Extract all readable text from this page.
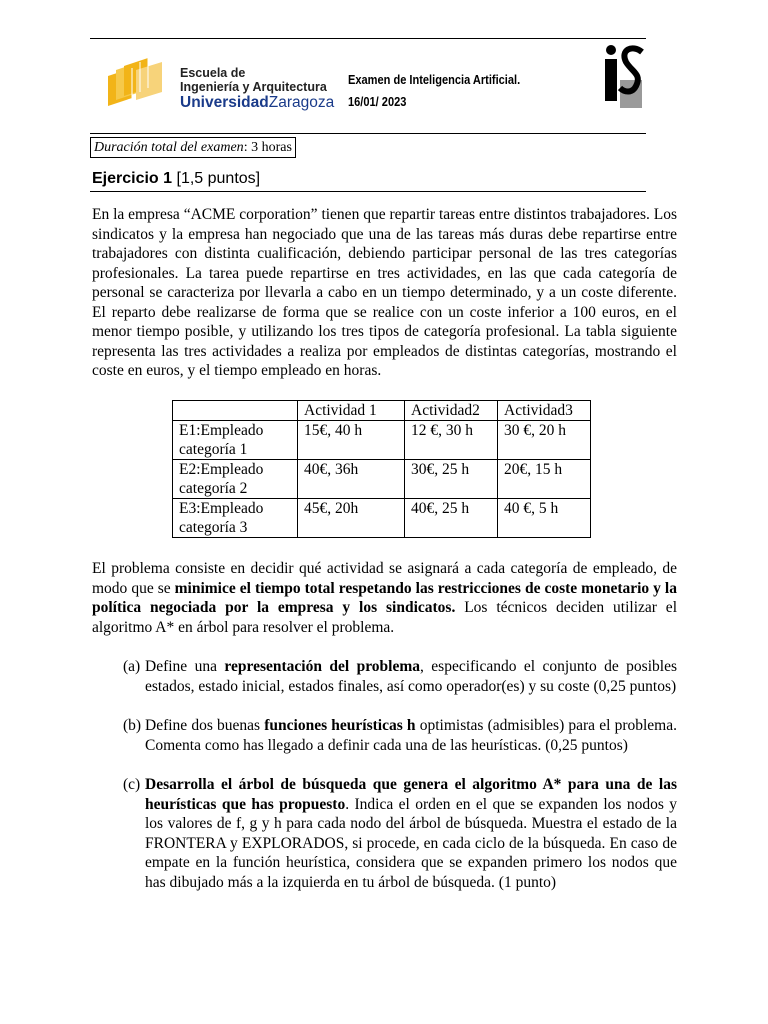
Escuela de
Ingeniería y Arquitectura
UniversidadZaragoza
Examen de Inteligencia Artificial.
16/01/ 2023
Duración total del examen: 3 horas
Ejercicio 1 [1,5 puntos]
En la empresa “ACME corporation” tienen que repartir tareas entre distintos trabajadores. Los sindicatos y la empresa han negociado que una de las tareas más duras debe repartirse entre trabajadores con distinta cualificación, debiendo participar personal de las tres categorías profesionales. La tarea puede repartirse en tres actividades, en las que cada categoría de personal se caracteriza por llevarla a cabo en un tiempo determinado, y a un coste diferente. El reparto debe realizarse de forma que se realice con un coste inferior a 100 euros, en el menor tiempo posible, y utilizando los tres tipos de categoría profesional. La tabla siguiente representa las tres actividades a realiza por empleados de distintas categorías, mostrando el coste en euros, y el tiempo empleado en horas.
	Actividad 1	Actividad2	Actividad3
E1:Empleado categoría 1	15€, 40 h	12 €, 30 h	30 €, 20 h
E2:Empleado categoría 2	40€, 36h	30€, 25 h	20€, 15 h
E3:Empleado categoría 3	45€, 20h	40€, 25 h	40 €, 5 h
El problema consiste en decidir qué actividad se asignará a cada categoría de empleado, de modo que se minimice el tiempo total respetando las restricciones de coste monetario y la política negociada por la empresa y los sindicatos. Los técnicos deciden utilizar el algoritmo A* en árbol para resolver el problema.
(a) Define una representación del problema, especificando el conjunto de posibles estados, estado inicial, estados finales, así como operador(es) y su coste (0,25 puntos)
(b) Define dos buenas funciones heurísticas h optimistas (admisibles) para el problema. Comenta como has llegado a definir cada una de las heurísticas. (0,25 puntos)
(c) Desarrolla el árbol de búsqueda que genera el algoritmo A* para una de las heurísticas que has propuesto. Indica el orden en el que se expanden los nodos y los valores de f, g y h para cada nodo del árbol de búsqueda. Muestra el estado de la FRONTERA y EXPLORADOS, si procede, en cada ciclo de la búsqueda. En caso de empate en la función heurística, considera que se expanden primero los nodos que has dibujado más a la izquierda en tu árbol de búsqueda. (1 punto)
